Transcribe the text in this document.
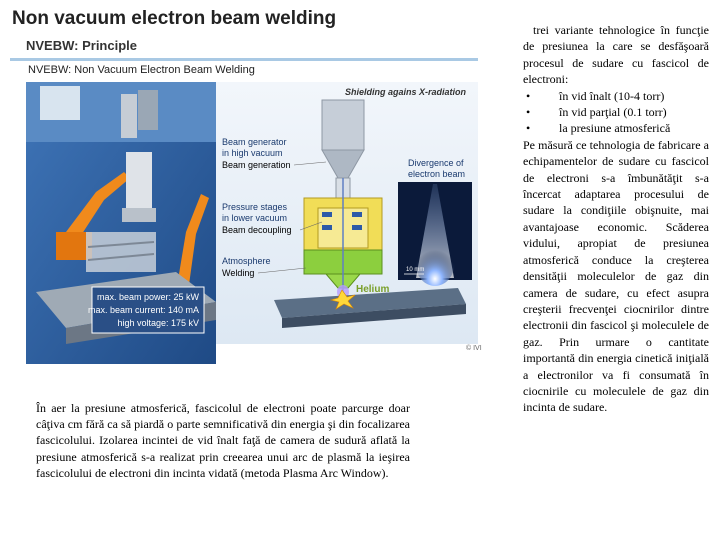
Non vacuum electron beam welding
NVEBW: Principle
NVEBW: Non Vacuum Electron Beam Welding
max. beam power: 25 kW
max. beam current: 140 mA
high voltage: 175 kV
Shielding agains X-radiation
Helium
Beam generator
in high vacuum
Beam generation
Pressure stages
in lower vacuum
Beam decoupling
Atmosphere
Welding
Divergence of
electron beam
10 mm
© IVI
În aer la presiune atmosferică, fascicolul de electroni poate parcurge doar câţiva cm fără ca să piardă o parte semnificativă din energia şi din focalizarea fascicolului. Izolarea incintei de vid înalt faţă de camera de sudură aflată la presiune atmosferică s-a realizat prin creearea unui arc de plasmă la ieşirea fascicolului de electroni din incinta vidată (metoda Plasma Arc Window).

trei variante tehnologice în funcţie de presiunea la care se desfăşoară procesul de sudare cu fascicol de electroni:

• în vid înalt (10-4 torr)
• în vid parţial (0.1 torr)
• la presiune atmosferică

Pe măsură ce tehnologia de fabricare a echipamentelor de sudare cu fascicol de electroni s-a îmbunătăţit s-a încercat adaptarea procesului de sudare la condiţiile obişnuite, mai avantajoase economic. Scăderea vidului, apropiat de presiunea atmosferică conduce la creşterea densităţii moleculelor de gaz din camera de sudare, cu efect asupra creşterii frecvenţei ciocnirilor dintre electronii din fascicol şi moleculele de gaz. Prin urmare o cantitate importantă din energia cinetică iniţială a electronilor va fi consumată în ciocnirile cu moleculele de gaz din incinta de sudare.
